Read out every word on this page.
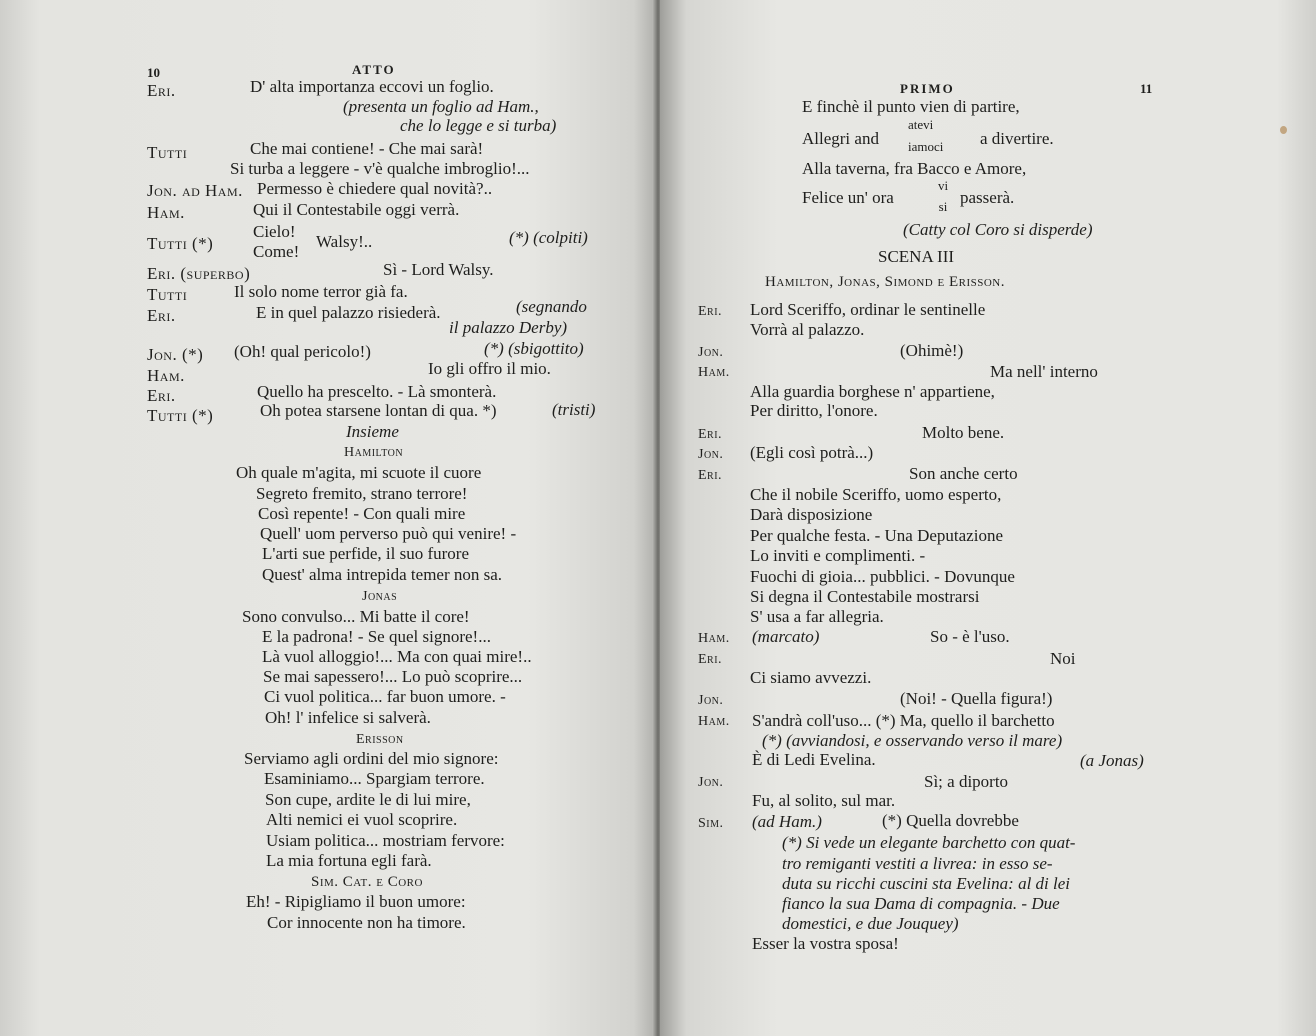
10	ATTO
Eri.	D' alta importanza eccovi un foglio.
(presenta un foglio ad Ham.,
che lo legge e si turba)
Tutti	Che mai contiene! - Che mai sarà!
Si turba a leggere - v'è qualche imbroglio!...
Jon. ad Ham. Permesso è chiedere qual novità?..
Ham.	Qui il Contestabile oggi verrà.
Tutti (*)
Cielo!
Come!
Walsy!..	(*) (colpiti)
Eri. (superbo)	Sì - Lord Walsy.
Tutti	Il solo nome terror già fa.
Eri.	E in quel palazzo risiederà.	(segnando
il palazzo Derby)
Jon. (*) (Oh! qual pericolo!)	(*) (sbigottito)
Ham.	Io gli offro il mio.
Eri.	Quello ha prescelto. - Là smonterà.
Tutti (*)	Oh potea starsene lontan di qua. *)	(tristi)
Insieme
Hamilton
Oh quale m'agita, mi scuote il cuore
Segreto fremito, strano terrore!
Così repente! - Con quali mire
Quell' uom perverso può qui venire! -
L'arti sue perfide, il suo furore
Quest' alma intrepida temer non sa.
Jonas
Sono convulso... Mi batte il core!
E la padrona! - Se quel signore!...
Là vuol alloggio!... Ma con quai mire!..
Se mai sapessero!... Lo può scoprire...
Ci vuol politica... far buon umore. -
Oh! l' infelice si salverà.
Erisson
Serviamo agli ordini del mio signore:
Esaminiamo... Spargiam terrore.
Son cupe, ardite le di lui mire,
Alti nemici ei vuol scoprire.
Usiam politica... mostriam fervore:
La mia fortuna egli farà.
Sim. Cat. e Coro
Eh! - Ripigliamo il buon umore:
Cor innocente non ha timore.
PRIMO	11
E finchè il punto vien di partire,
Allegri and
atevi
iamoci a divertire.
Alla taverna, fra Bacco e Amore,
Felice un' ora
vi
si passerà.
(Catty col Coro si disperde)
SCENA III
Hamilton, Jonas, Simond e Erisson.
Eri. Lord Sceriffo, ordinar le sentinelle
Vorrà al palazzo.
Jon.	(Ohimè!)
Ham.	Ma nell' interno
Alla guardia borghese n' appartiene,
Per diritto, l'onore.
Eri.	Molto bene.
Jon. (Egli così potrà...)
Eri.	Son anche certo
Che il nobile Sceriffo, uomo esperto,
Darà disposizione
Per qualche festa. - Una Deputazione
Lo inviti e complimenti. -
Fuochi di gioia... pubblici. - Dovunque
Si degna il Contestabile mostrarsi
S' usa a far allegria.
Ham. (marcato)	So - è l'uso.
Eri.	Noi
Ci siamo avvezzi.
Jon.	(Noi! - Quella figura!)
Ham. S'andrà coll'uso... (*) Ma, quello il barchetto
(*) (avviandosi, e osservando verso il mare)
È di Ledi Evelina.	(a Jonas)
Jon.	Sì; a diporto
Fu, al solito, sul mar.
Sim. (ad Ham.)	(*) Quella dovrebbe
(*) Si vede un elegante barchetto con quat-
tro remiganti vestiti a livrea: in esso se-
duta su ricchi cuscini sta Evelina: al di lei
fianco la sua Dama di compagnia. - Due
domestici, e due Jouquey)
Esser la vostra sposa!
